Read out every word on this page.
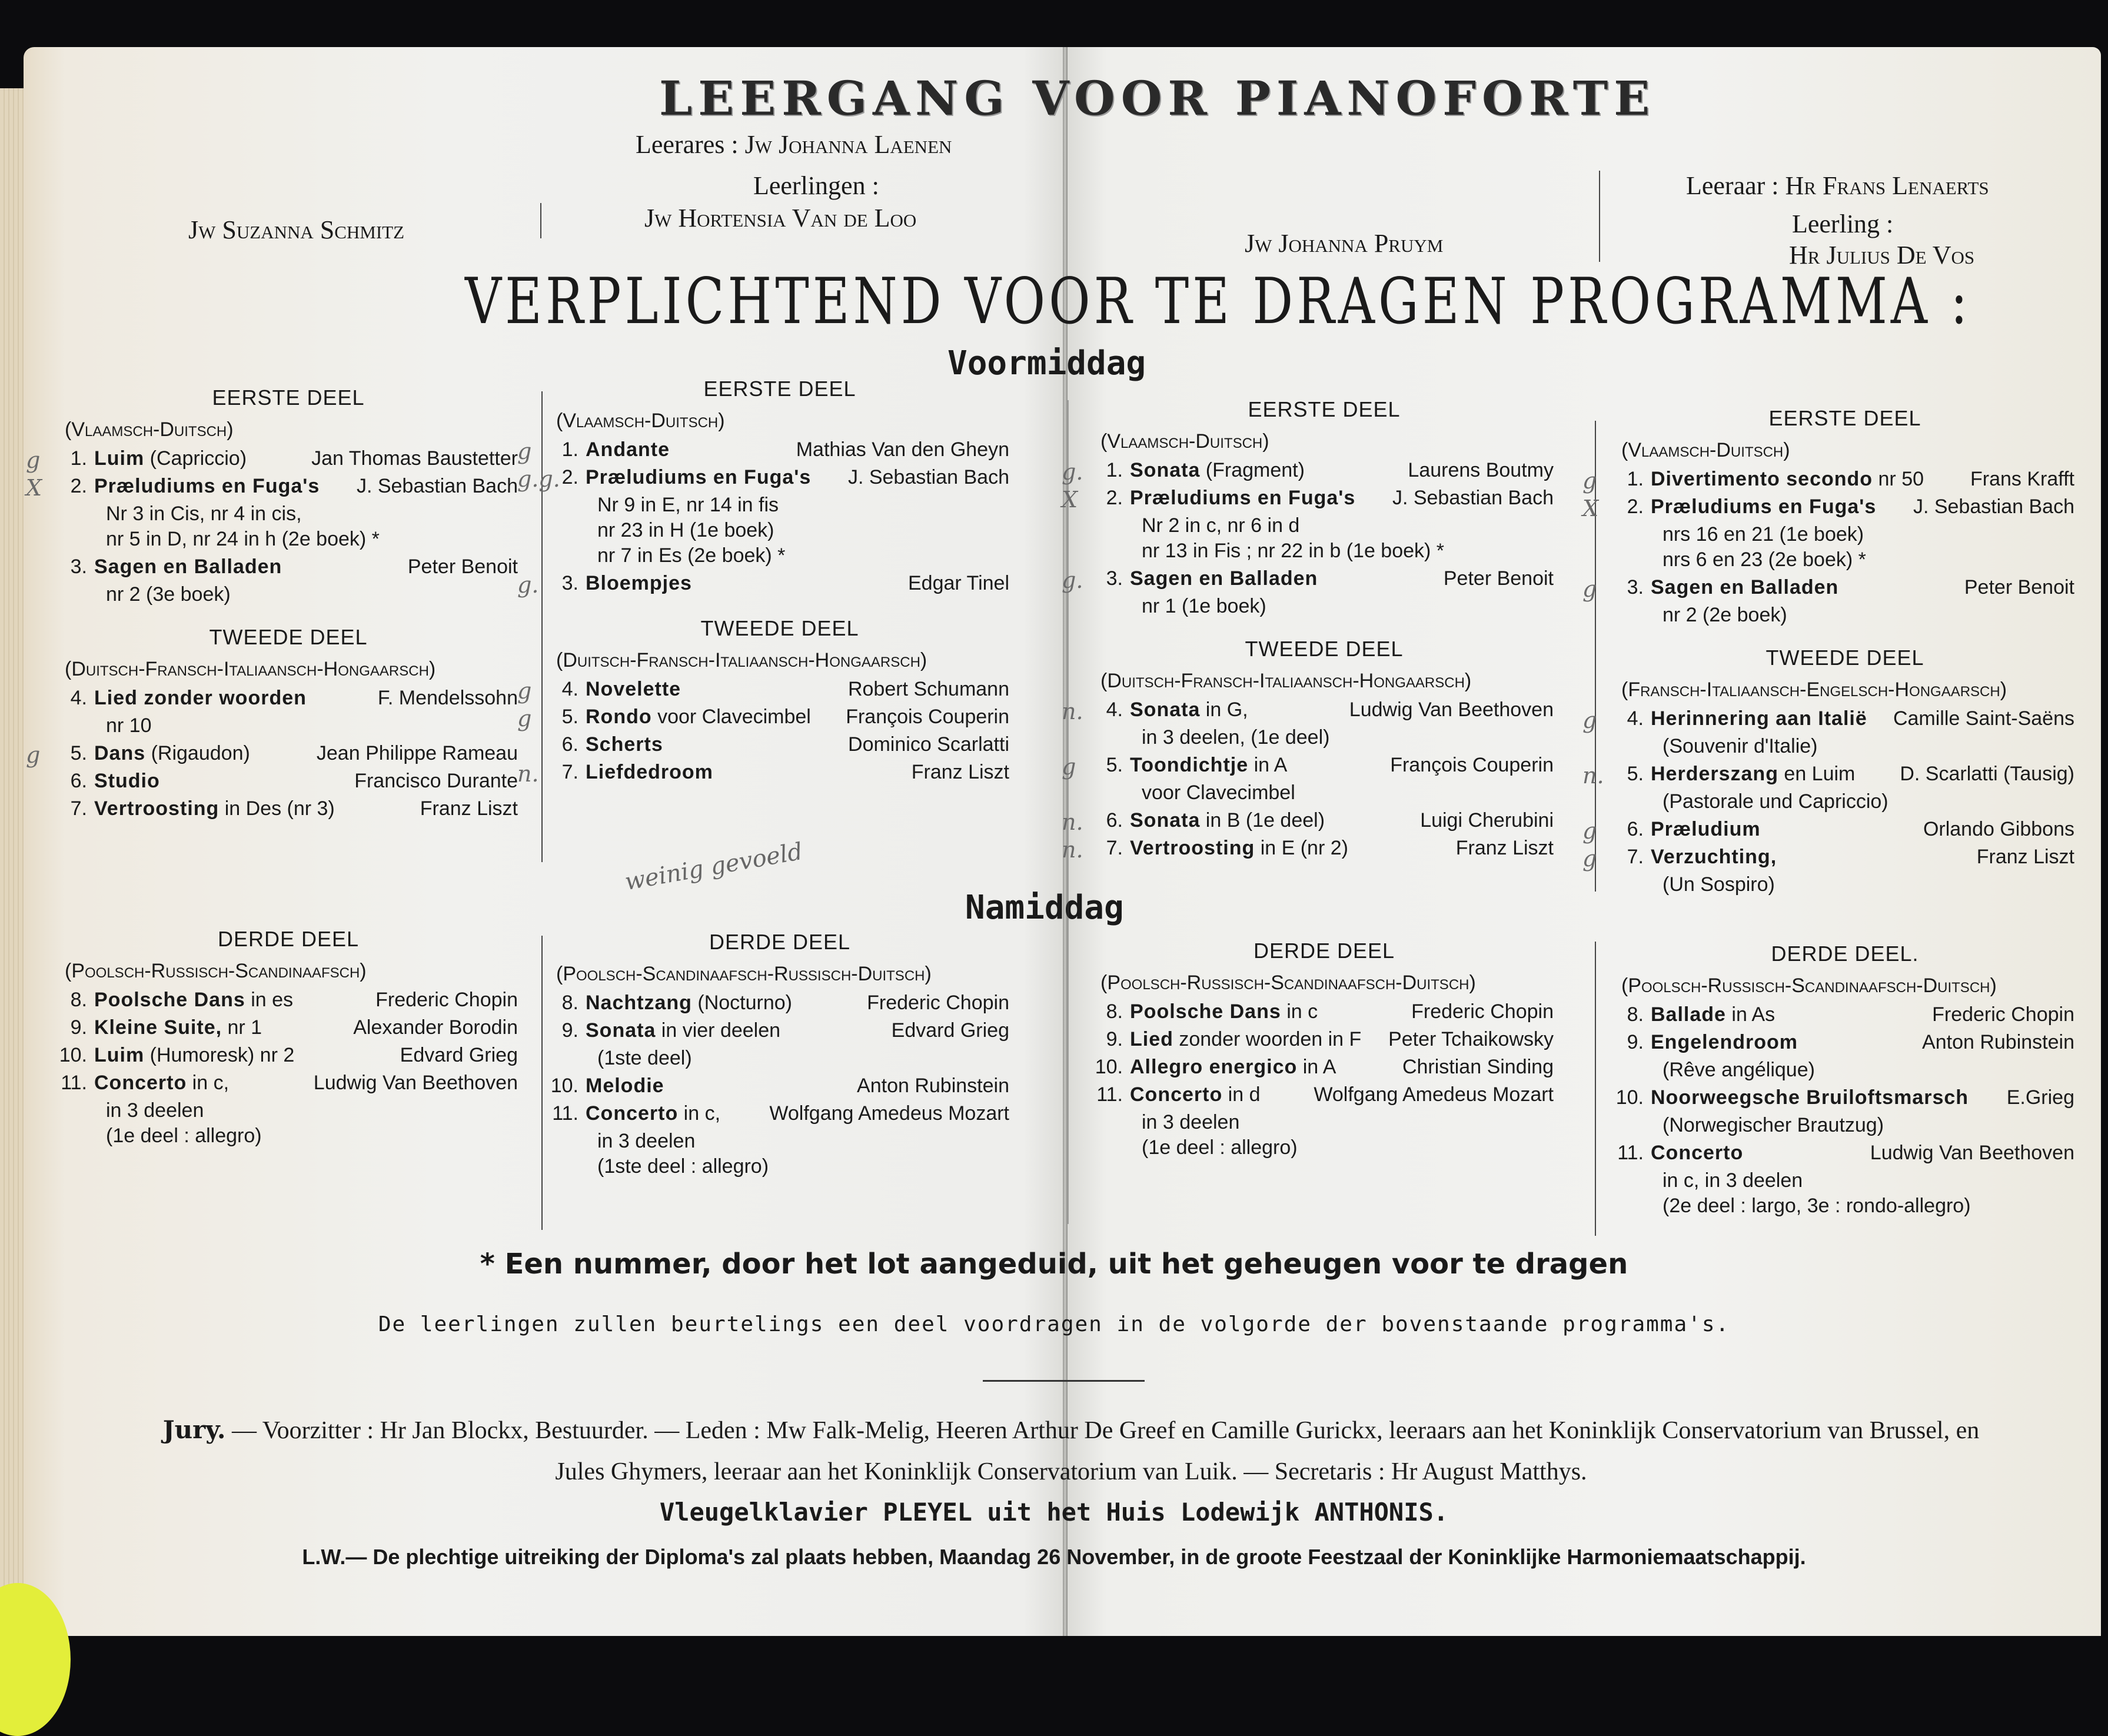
LEERGANG VOOR PIANOFORTE
Leerares : Jw Johanna Laenen
Leerlingen :
Jw Suzanna Schmitz	Jw Hortensia Van de Loo
Jw Johanna Pruym
Leeraar : Hr Frans Lenaerts
Leerling :
Hr Julius De Vos
VERPLICHTEND VOOR TE DRAGEN PROGRAMMA :
Voormiddag
Namiddag
EERSTE DEEL
(Vlaamsch-Duitsch)
g	1. Luim (Capriccio)	Jan Thomas Baustetter
X	2. Præludiums en Fuga's	J. Sebastian Bach
Nr 3 in Cis, nr 4 in cis,
nr 5 in D, nr 24 in h (2e boek) *
3. Sagen en Balladen	Peter Benoit
nr 2 (3e boek)
TWEEDE DEEL
(Duitsch-Fransch-Italiaansch-Hongaarsch)
4. Lied zonder woorden	F. Mendelssohn
nr 10
g	5. Dans (Rigaudon)	Jean Philippe Rameau
6. Studio	Francisco Durante
7. Vertroosting in Des (nr 3)	Franz Liszt
DERDE DEEL
(Poolsch-Russisch-Scandinaafsch)
8. Poolsche Dans in es	Frederic Chopin
9. Kleine Suite, nr 1	Alexander Borodin
10. Luim (Humoresk) nr 2	Edvard Grieg
11. Concerto in c,	Ludwig Van Beethoven
in 3 deelen
(1e deel : allegro)
EERSTE DEEL
(Vlaamsch-Duitsch)
g	1. Andante	Mathias Van den Gheyn
g.g. 2. Præludiums en Fuga's	J. Sebastian Bach
Nr 9 in E, nr 14 in fis
nr 23 in H (1e boek)
nr 7 in Es (2e boek) *
g.	3. Bloempjes	Edgar Tinel
TWEEDE DEEL
(Duitsch-Fransch-Italiaansch-Hongaarsch)
g	4. Novelette	Robert Schumann
g	5. Rondo voor Clavecimbel	François Couperin
6. Scherts	Dominico Scarlatti
n.	7. Liefdedroom	Franz Liszt
DERDE DEEL
(Poolsch-Scandinaafsch-Russisch-Duitsch)
8. Nachtzang (Nocturno)	Frederic Chopin
9. Sonata in vier deelen	Edvard Grieg
(1ste deel)
10. Melodie	Anton Rubinstein
11. Concerto in c,	Wolfgang Amedeus Mozart
in 3 deelen
(1ste deel : allegro)
EERSTE DEEL
(Vlaamsch-Duitsch)
g.	1. Sonata (Fragment)	Laurens Boutmy
X	2. Præludiums en Fuga's	J. Sebastian Bach
Nr 2 in c, nr 6 in d
nr 13 in Fis ; nr 22 in b (1e boek) *
g.	3. Sagen en Balladen	Peter Benoit
nr 1 (1e boek)
TWEEDE DEEL
(Duitsch-Fransch-Italiaansch-Hongaarsch)
n.	4. Sonata in G,	Ludwig Van Beethoven
in 3 deelen, (1e deel)
g	5. Toondichtje in A	François Couperin
voor Clavecimbel
n.	6. Sonata in B (1e deel)	Luigi Cherubini
n.	7. Vertroosting in E (nr 2)	Franz Liszt
DERDE DEEL
(Poolsch-Russisch-Scandinaafsch-Duitsch)
8. Poolsche Dans in c	Frederic Chopin
9. Lied zonder woorden in F	Peter Tchaikowsky
10. Allegro energico in A	Christian Sinding
11. Concerto in d	Wolfgang Amedeus Mozart
in 3 deelen
(1e deel : allegro)
EERSTE DEEL
(Vlaamsch-Duitsch)
g	1. Divertimento secondo nr 50	Frans Krafft
X	2. Præludiums en Fuga's	J. Sebastian Bach
nrs 16 en 21 (1e boek)
nrs 6 en 23 (2e boek) *
g	3. Sagen en Balladen	Peter Benoit
nr 2 (2e boek)
TWEEDE DEEL
(Fransch-Italiaansch-Engelsch-Hongaarsch)
g	4. Herinnering aan Italië	Camille Saint-Saëns
(Souvenir d'Italie)
n.	5. Herderszang en Luim	D. Scarlatti (Tausig)
(Pastorale und Capriccio)
g	6. Præludium	Orlando Gibbons
g	7. Verzuchting,	Franz Liszt
(Un Sospiro)
DERDE DEEL.
(Poolsch-Russisch-Scandinaafsch-Duitsch)
8. Ballade in As	Frederic Chopin
9. Engelendroom	Anton Rubinstein
(Rêve angélique)
10. Noorweegsche Bruiloftsmarsch	E.Grieg
(Norwegischer Brautzug)
11. Concerto	Ludwig Van Beethoven
in c, in 3 deelen
(2e deel : largo, 3e : rondo-allegro)
weinig gevoeld
* Een nummer, door het lot aangeduid, uit het geheugen voor te dragen
De leerlingen zullen beurtelings een deel voordragen in de volgorde der bovenstaande programma's.
Jury. — Voorzitter : Hr Jan Blockx, Bestuurder. — Leden : Mw Falk-Melig, Heeren Arthur De Greef en Camille Gurickx, leeraars aan het Koninklijk Conservatorium van Brussel, en Jules Ghymers, leeraar aan het Koninklijk Conservatorium van Luik. — Secretaris : Hr August Matthys.
Vleugelklavier PLEYEL uit het Huis Lodewijk ANTHONIS.
L.W.— De plechtige uitreiking der Diploma's zal plaats hebben, Maandag 26 November, in de groote Feestzaal der Koninklijke Harmoniemaatschappij.
